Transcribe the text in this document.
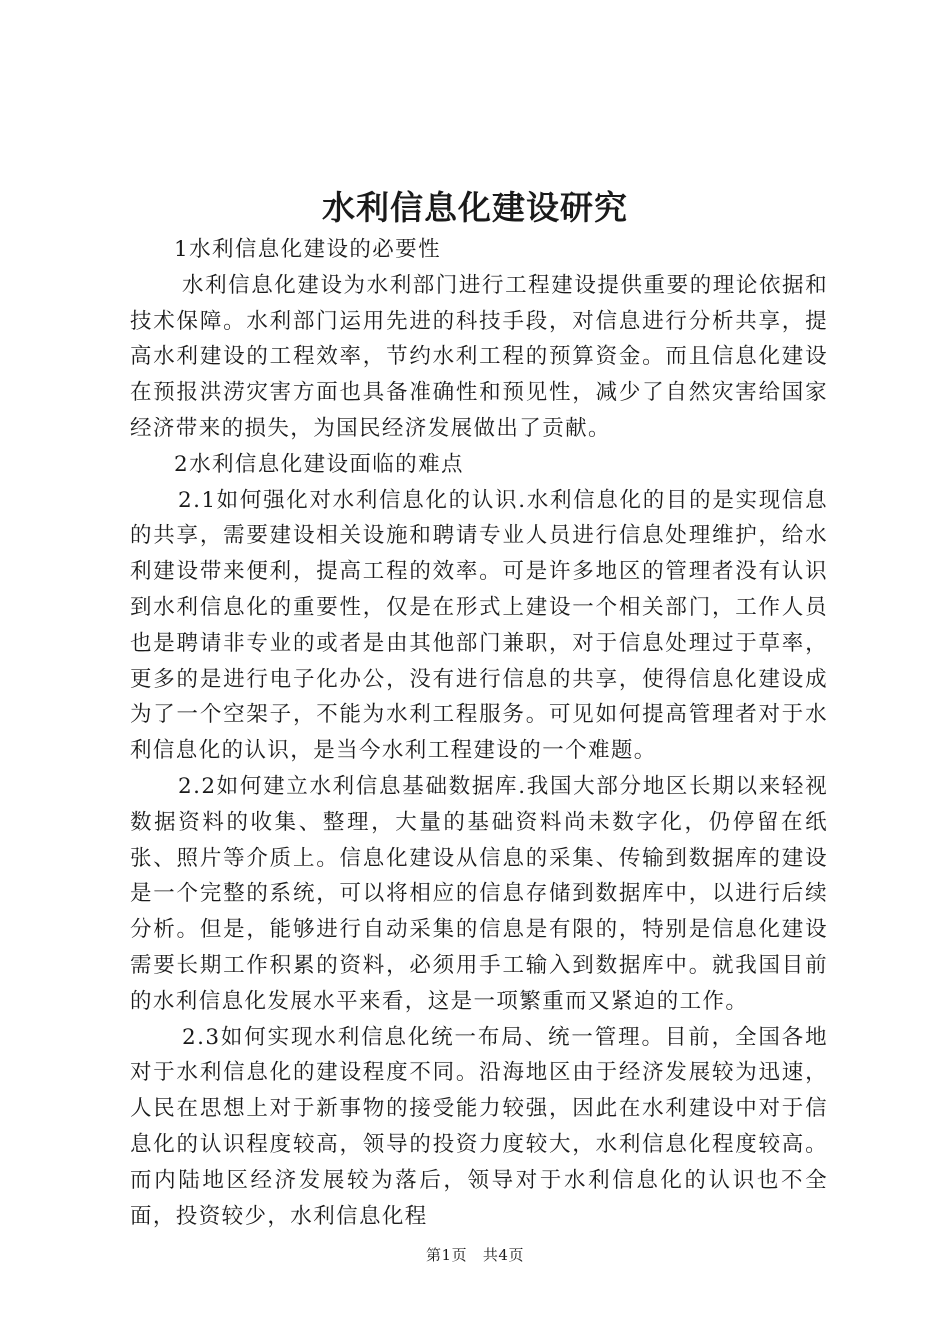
水利信息化建设研究

1水利信息化建设的必要性

水利信息化建设为水利部门进行工程建设提供重要的理论依据和技术保障。水利部门运用先进的科技手段，对信息进行分析共享，提高水利建设的工程效率，节约水利工程的预算资金。而且信息化建设在预报洪涝灾害方面也具备准确性和预见性，减少了自然灾害给国家经济带来的损失，为国民经济发展做出了贡献。

2水利信息化建设面临的难点

2.1如何强化对水利信息化的认识.水利信息化的目的是实现信息的共享，需要建设相关设施和聘请专业人员进行信息处理维护，给水利建设带来便利，提高工程的效率。可是许多地区的管理者没有认识到水利信息化的重要性，仅是在形式上建设一个相关部门，工作人员也是聘请非专业的或者是由其他部门兼职，对于信息处理过于草率，更多的是进行电子化办公，没有进行信息的共享，使得信息化建设成为了一个空架子，不能为水利工程服务。可见如何提高管理者对于水利信息化的认识，是当今水利工程建设的一个难题。

2.2如何建立水利信息基础数据库.我国大部分地区长期以来轻视数据资料的收集、整理，大量的基础资料尚未数字化，仍停留在纸张、照片等介质上。信息化建设从信息的采集、传输到数据库的建设是一个完整的系统，可以将相应的信息存储到数据库中，以进行后续分析。但是，能够进行自动采集的信息是有限的，特别是信息化建设需要长期工作积累的资料，必须用手工输入到数据库中。就我国目前的水利信息化发展水平来看，这是一项繁重而又紧迫的工作。

2.3如何实现水利信息化统一布局、统一管理。目前，全国各地对于水利信息化的建设程度不同。沿海地区由于经济发展较为迅速，人民在思想上对于新事物的接受能力较强，因此在水利建设中对于信息化的认识程度较高，领导的投资力度较大，水利信息化程度较高。而内陆地区经济发展较为落后，领导对于水利信息化的认识也不全面，投资较少，水利信息化程

第1页 共4页
